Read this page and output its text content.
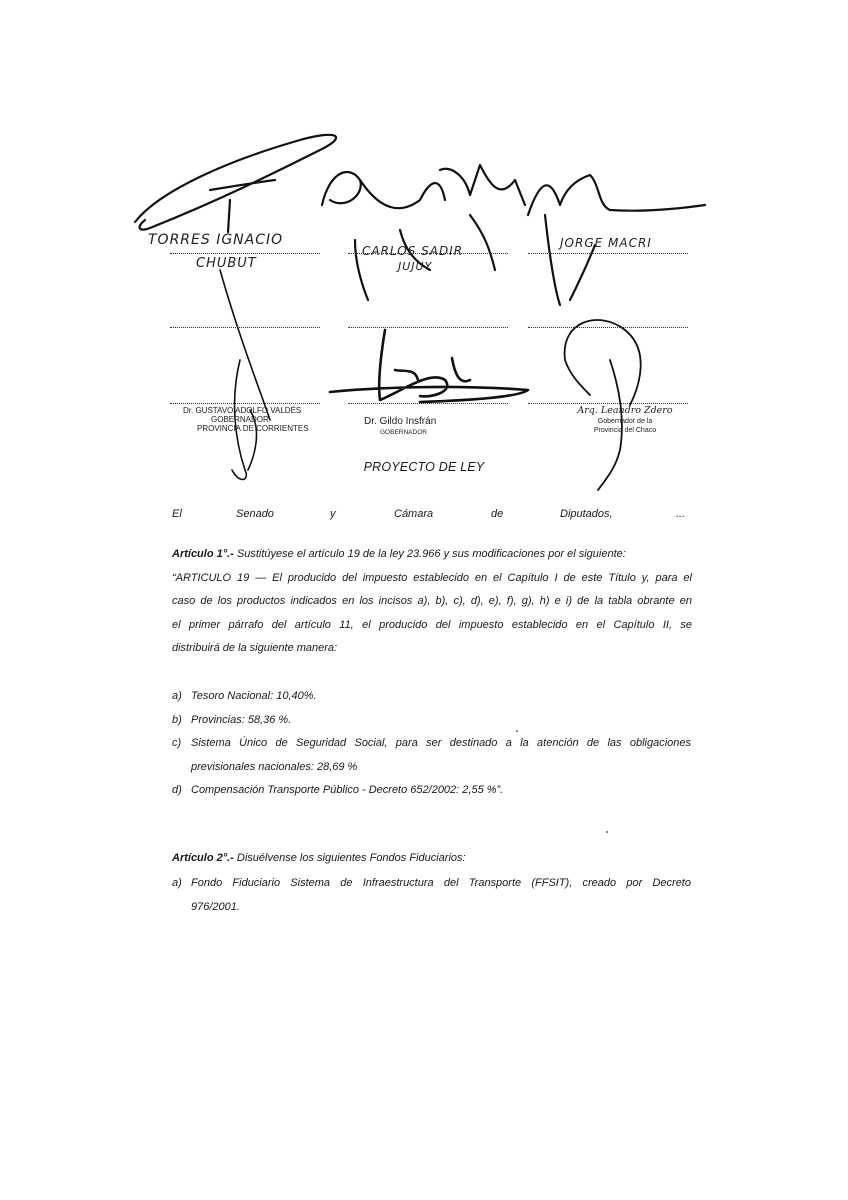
TORRES IGNACIO
CHUBUT
CARLOS SADIR
JUJUY
JORGE MACRI
Dr. GUSTAVO ADOLFO VALDÉS
GOBERNADOR
PROVINCIA DE CORRIENTES
Dr. Gildo Insfrán
GOBERNADOR
Arq. Leandro Zdero
Gobernador de la
Provincia del Chaco
PROYECTO DE LEY
El	Senado	y	Cámara	de	Diputados,	...
Artículo 1°.- Sustitúyese el artículo 19 de la ley 23.966 y sus modificaciones por el siguiente:
“ARTICULO 19 — El producido del impuesto establecido en el Capítulo I de este Título y, para el
caso de los productos indicados en los incisos a), b), c), d), e), f), g), h) e i) de la tabla obrante en
el primer párrafo del artículo 11, el producido del impuesto establecido en el Capítulo II, se
distribuirá de la siguiente manera:
a) Tesoro Nacional: 10,40%.
b) Provincias: 58,36 %.
c) Sistema Único de Seguridad Social, para ser destinado a la atención de las obligaciones
previsionales nacionales: 28,69 %
d) Compensación Transporte Público - Decreto 652/2002: 2,55 %”.
Artículo 2°.- Disuélvense los siguientes Fondos Fiduciarios:
a) Fondo Fiduciario Sistema de Infraestructura del Transporte (FFSIT), creado por Decreto
976/2001.
